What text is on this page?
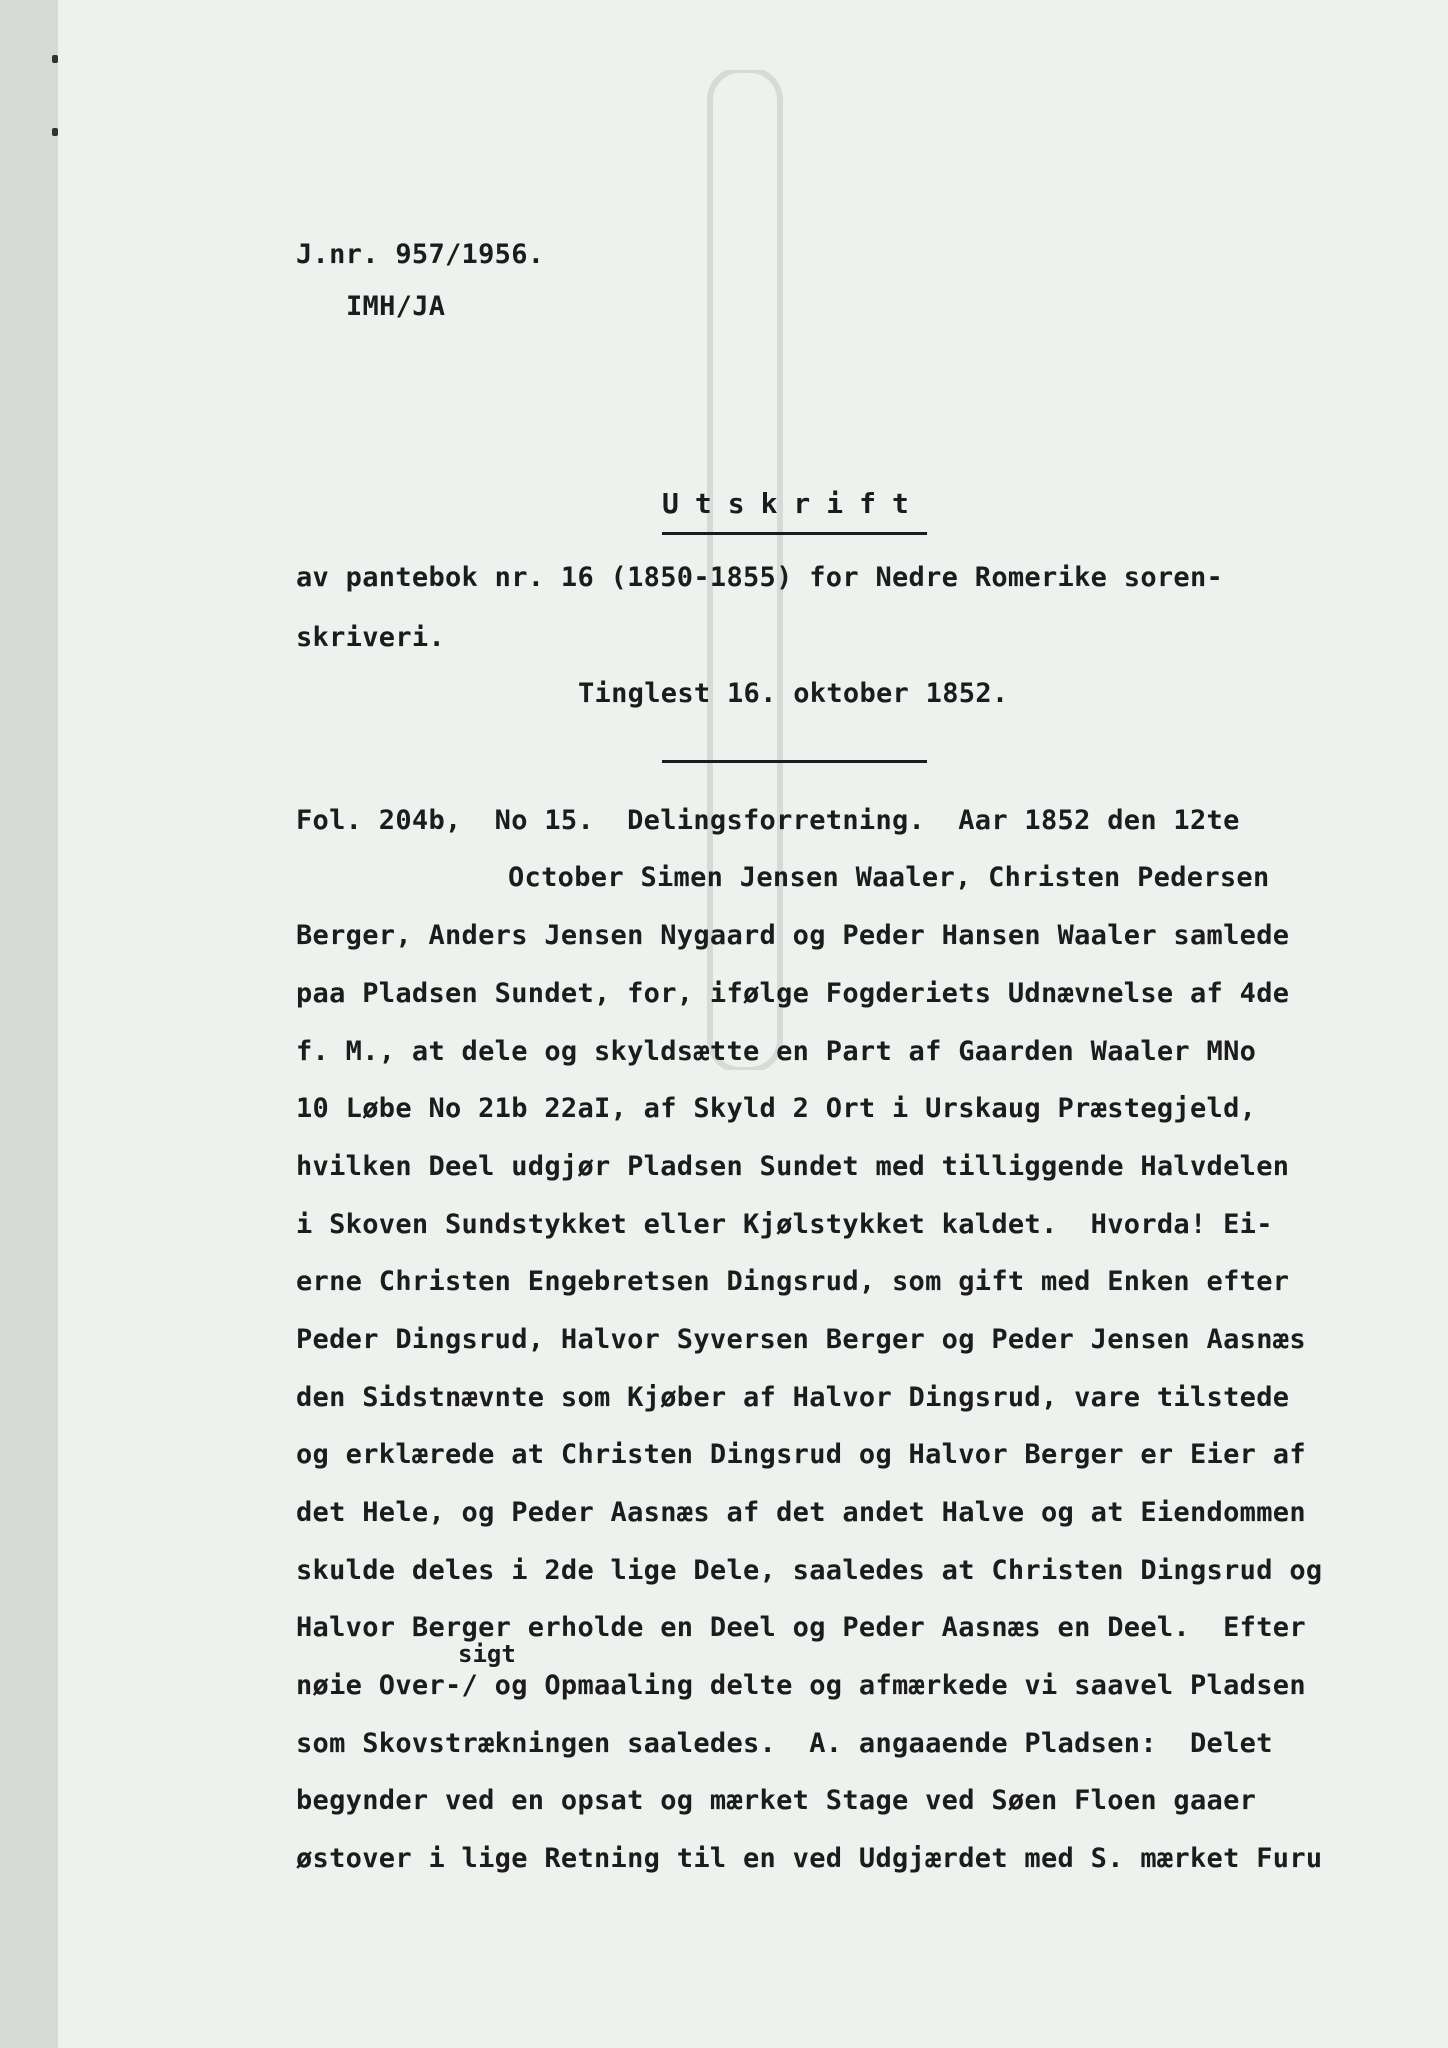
J.nr. 957/1956.
IMH/JA
Utskrift
av pantebok nr. 16 (1850-1855) for Nedre Romerike soren-
skriveri.
Tinglest 16. oktober 1852.
Fol. 204b,  No 15.  Delingsforretning.  Aar 1852 den 12te
October Simen Jensen Waaler, Christen Pedersen
Berger, Anders Jensen Nygaard og Peder Hansen Waaler samlede
paa Pladsen Sundet, for, ifølge Fogderiets Udnævnelse af 4de
f. M., at dele og skyldsætte en Part af Gaarden Waaler MNo
10 Løbe No 21b 22aI, af Skyld 2 Ort i Urskaug Præstegjeld,
hvilken Deel udgjør Pladsen Sundet med tilliggende Halvdelen
i Skoven Sundstykket eller Kjølstykket kaldet.  Hvorda! Ei-
erne Christen Engebretsen Dingsrud, som gift med Enken efter
Peder Dingsrud, Halvor Syversen Berger og Peder Jensen Aasnæs
den Sidstnævnte som Kjøber af Halvor Dingsrud, vare tilstede
og erklærede at Christen Dingsrud og Halvor Berger er Eier af
det Hele, og Peder Aasnæs af det andet Halve og at Eiendommen
skulde deles i 2de lige Dele, saaledes at Christen Dingsrud og
Halvor Berger erholde en Deel og Peder Aasnæs en Deel.  Efter
sigt
nøie Over-/ og Opmaaling delte og afmærkede vi saavel Pladsen
som Skovstrækningen saaledes.  A. angaaende Pladsen:  Delet
begynder ved en opsat og mærket Stage ved Søen Floen gaaer
østover i lige Retning til en ved Udgjærdet med S. mærket Furu
